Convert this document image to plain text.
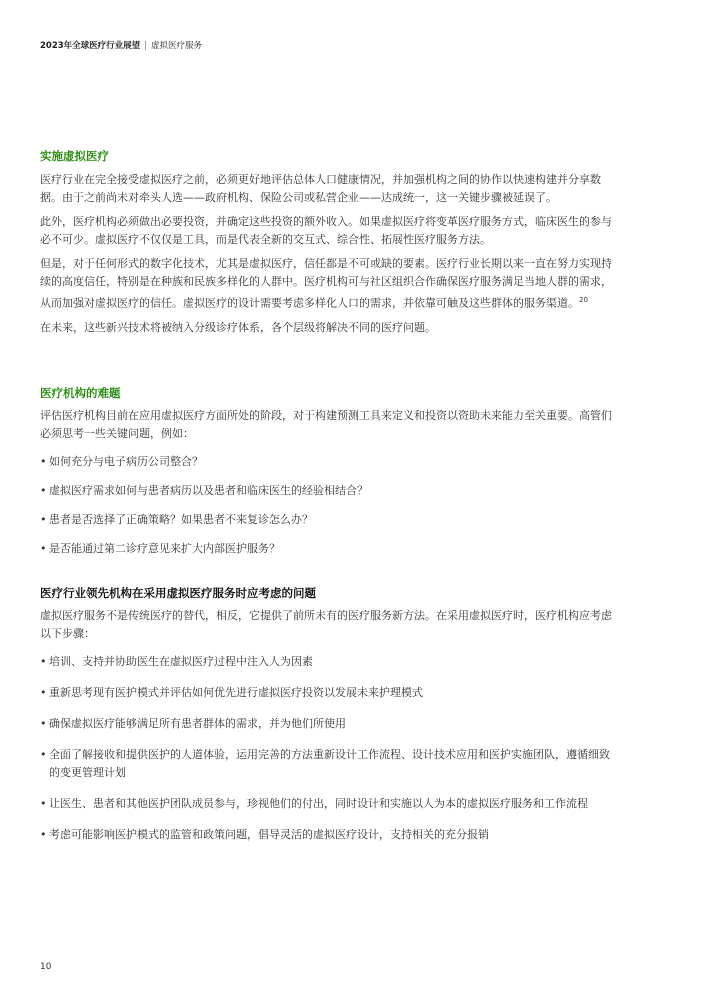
2023年全球医疗行业展望 | 虚拟医疗服务
实施虚拟医疗

医疗行业在完全接受虚拟医疗之前，必须更好地评估总体人口健康情况，并加强机构之间的协作以快速构建并分享数据。由于之前尚未对牵头人选——政府机构、保险公司或私营企业——达成统一，这一关键步骤被延误了。

此外，医疗机构必须做出必要投资，并确定这些投资的额外收入。如果虚拟医疗将变革医疗服务方式，临床医生的参与必不可少。虚拟医疗不仅仅是工具，而是代表全新的交互式、综合性、拓展性医疗服务方法。

但是，对于任何形式的数字化技术，尤其是虚拟医疗，信任都是不可或缺的要素。医疗行业长期以来一直在努力实现持续的高度信任，特别是在种族和民族多样化的人群中。医疗机构可与社区组织合作确保医疗服务满足当地人群的需求，从而加强对虚拟医疗的信任。虚拟医疗的设计需要考虑多样化人口的需求，并依靠可触及这些群体的服务渠道。$^{20}$

在未来，这些新兴技术将被纳入分级诊疗体系，各个层级将解决不同的医疗问题。

医疗机构的难题

评估医疗机构目前在应用虚拟医疗方面所处的阶段，对于构建预测工具来定义和投资以资助未来能力至关重要。高管们必须思考一些关键问题，例如：

• 如何充分与电子病历公司整合？
• 虚拟医疗需求如何与患者病历以及患者和临床医生的经验相结合？
• 患者是否选择了正确策略？如果患者不来复诊怎么办？
• 是否能通过第二诊疗意见来扩大内部医护服务？
医疗行业领先机构在采用虚拟医疗服务时应考虑的问题

虚拟医疗服务不是传统医疗的替代，相反，它提供了前所未有的医疗服务新方法。在采用虚拟医疗时，医疗机构应考虑以下步骤：

• 培训、支持并协助医生在虚拟医疗过程中注入人为因素
• 重新思考现有医护模式并评估如何优先进行虚拟医疗投资以发展未来护理模式
• 确保虚拟医疗能够满足所有患者群体的需求，并为他们所使用
• 全面了解接收和提供医护的人道体验，运用完善的方法重新设计工作流程、设计技术应用和医护实施团队，遵循细致的变更管理计划
• 让医生、患者和其他医护团队成员参与，珍视他们的付出，同时设计和实施以人为本的虚拟医疗服务和工作流程
• 考虑可能影响医护模式的监管和政策问题，倡导灵活的虚拟医疗设计，支持相关的充分报销
10
